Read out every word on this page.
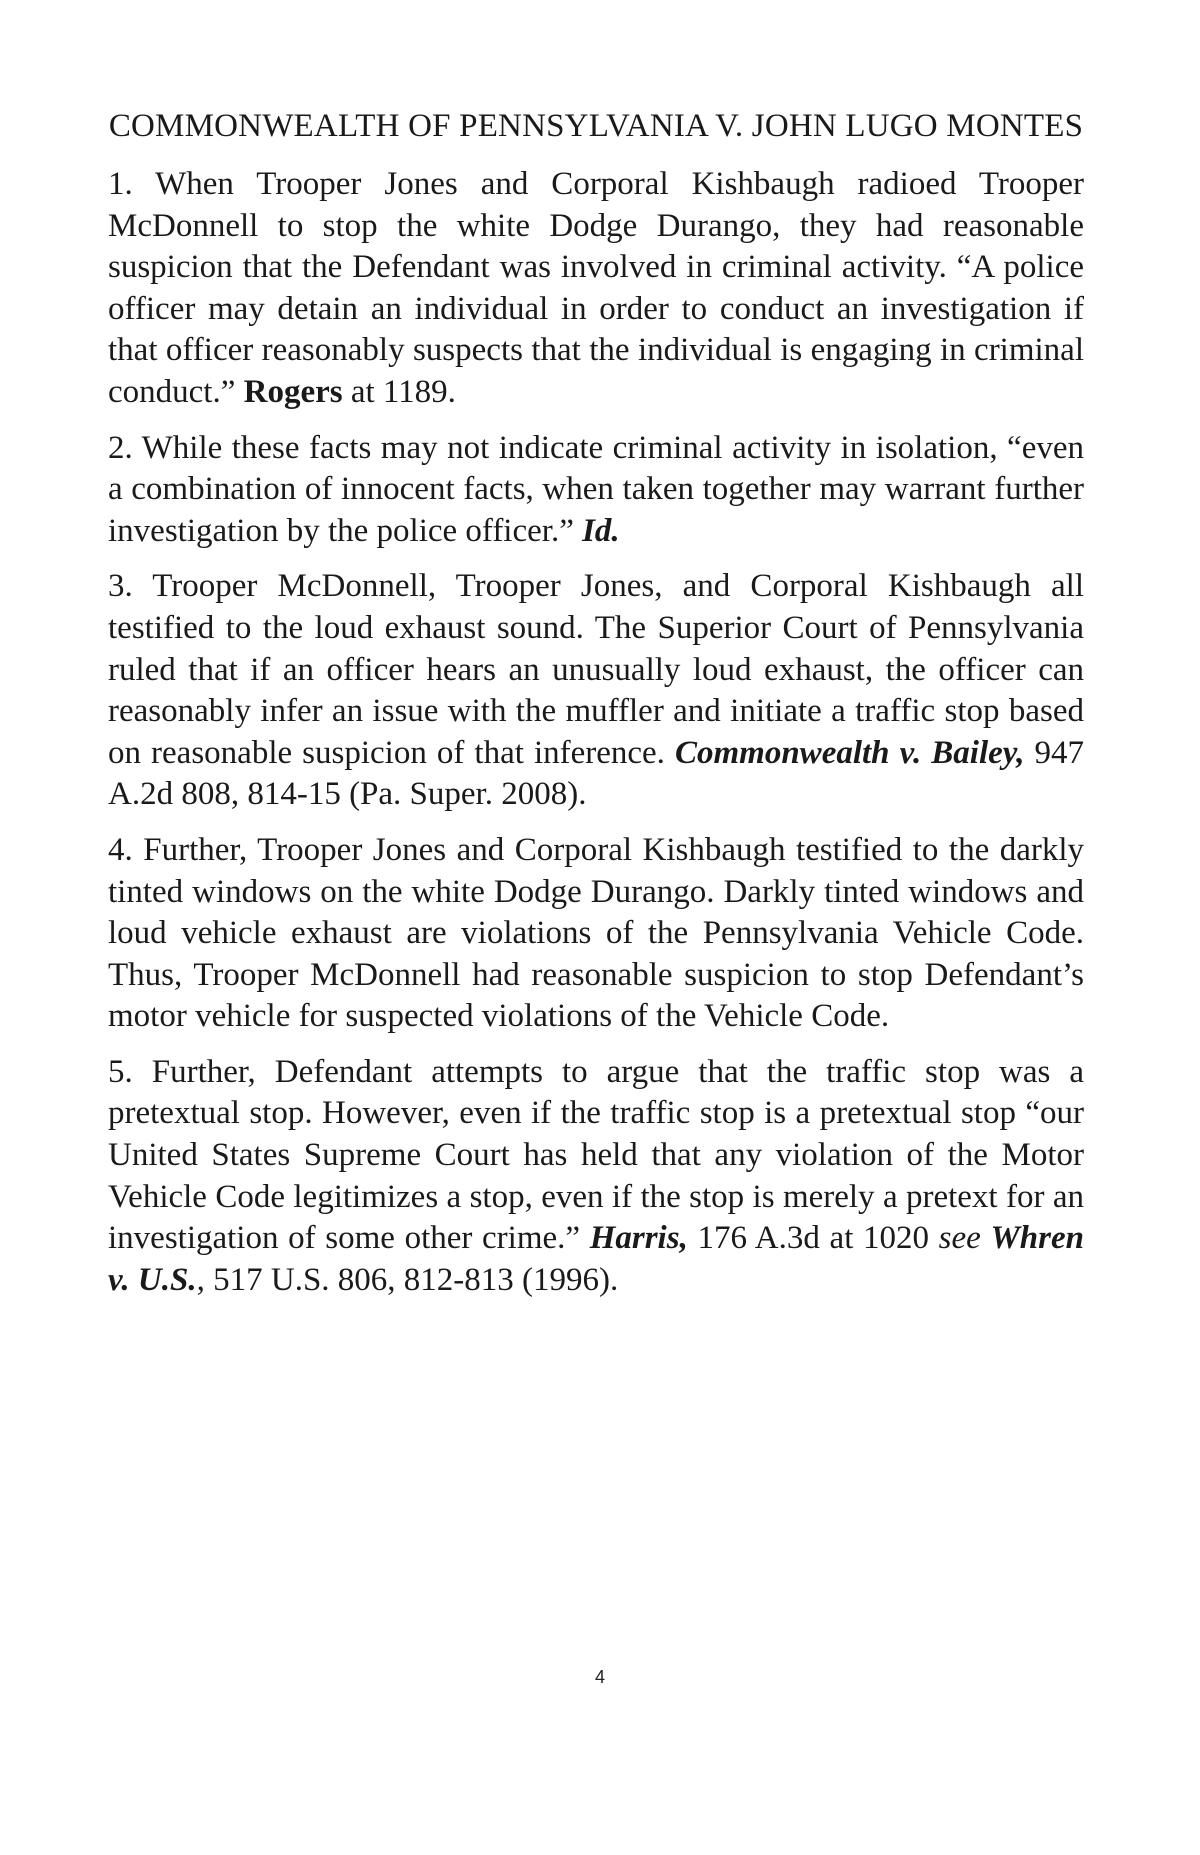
COMMONWEALTH OF PENNSYLVANIA V. JOHN LUGO MONTES

1. When Trooper Jones and Corporal Kishbaugh radioed Trooper McDonnell to stop the white Dodge Durango, they had reasonable suspicion that the Defendant was involved in criminal activity. “A police officer may detain an individual in order to conduct an investigation if that officer reasonably suspects that the individual is engaging in criminal conduct.” Rogers at 1189.

2. While these facts may not indicate criminal activity in isolation, “even a combination of innocent facts, when taken together may warrant further investigation by the police officer.” Id.

3. Trooper McDonnell, Trooper Jones, and Corporal Kishbaugh all testified to the loud exhaust sound. The Superior Court of Pennsylvania ruled that if an officer hears an unusually loud exhaust, the officer can reasonably infer an issue with the muffler and initiate a traffic stop based on reasonable suspicion of that inference. Commonwealth v. Bailey, 947 A.2d 808, 814-15 (Pa. Super. 2008).

4. Further, Trooper Jones and Corporal Kishbaugh testified to the darkly tinted windows on the white Dodge Durango. Darkly tinted windows and loud vehicle exhaust are violations of the Pennsylvania Vehicle Code. Thus, Trooper McDonnell had reasonable suspicion to stop Defendant’s motor vehicle for suspected violations of the Vehicle Code.

5. Further, Defendant attempts to argue that the traffic stop was a pretextual stop. However, even if the traffic stop is a pretextual stop “our United States Supreme Court has held that any violation of the Motor Vehicle Code legitimizes a stop, even if the stop is merely a pretext for an investigation of some other crime.” Harris, 176 A.3d at 1020 see Whren v. U.S., 517 U.S. 806, 812-813 (1996).

4
